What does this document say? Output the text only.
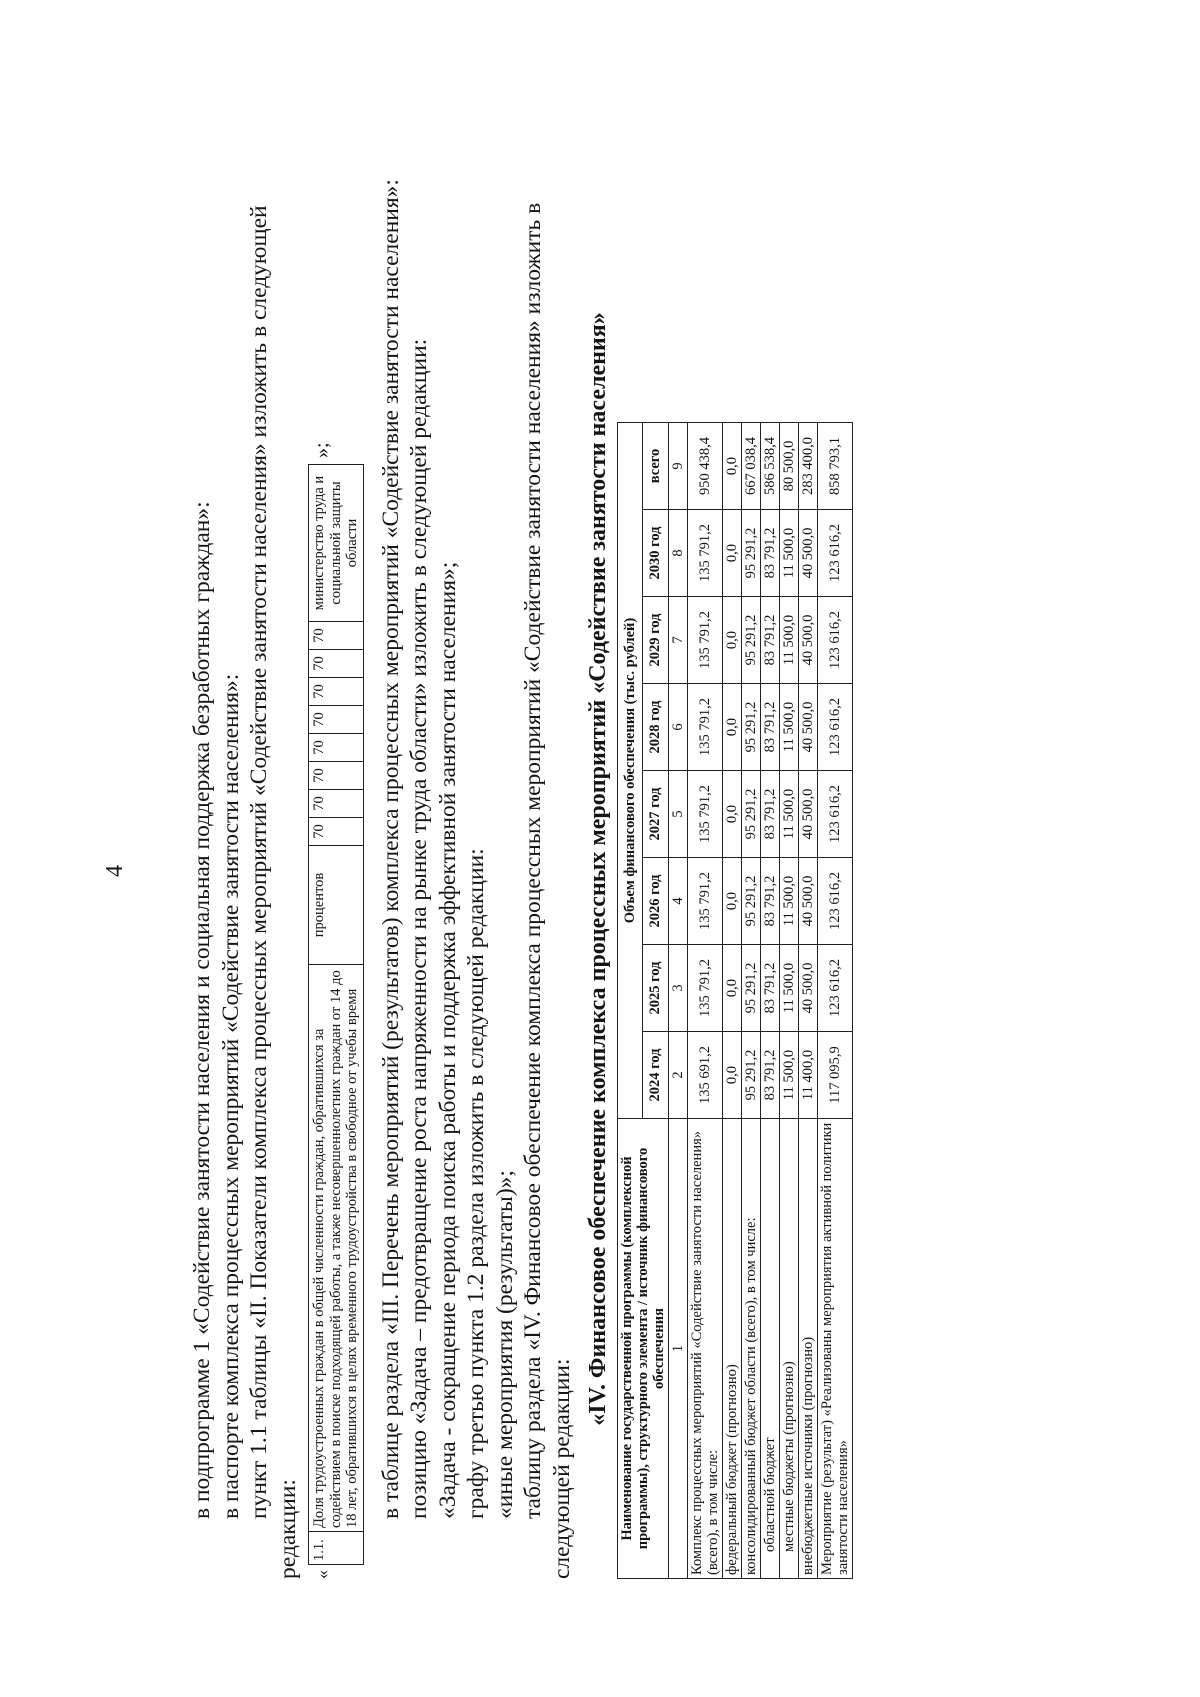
4	в подпрограмме 1 «Содействие занятости населения и социальная поддержка безработных граждан»: в паспорте комплекса процессных мероприятий «Содействие занятости населения»: пункт 1.1 таблицы «II. Показатели комплекса процессных мероприятий «Содействие занятости населения» изложить в следующей редакции: «
1.1.	Доля трудоустроенных граждан в общей численности граждан, обратившихся за содействием в поиске подходящей работы, а также несовершеннолетних граждан от 14 до 18 лет, обратившихся в целях временного трудоустройства в свободное от учебы время	процентов	70	70	70	70	70	70	70	70	министерство труда и социальной защиты области
»; в таблице раздела «III. Перечень мероприятий (результатов) комплекса процессных мероприятий «Содействие занятости населения»: позицию «Задача – предотвращение роста напряженности на рынке труда области» изложить в следующей редакции: «Задача - сокращение периода поиска работы и поддержка эффективной занятости населения»; графу третью пункта 1.2 раздела изложить в следующей редакции: «иные мероприятия (результаты)»; таблицу раздела «IV. Финансовое обеспечение комплекса процессных мероприятий «Содействие занятости населения» изложить в следующей редакции:

«IV. Финансовое обеспечение комплекса процессных мероприятий «Содействие занятости населения» Наименование государственной программы (комплексной программы), структурного элемента / источник финансового обеспечения	Объем финансового обеспечения (тыс. рублей)							
	2024 год	2025 год	2026 год	2027 год	2028 год	2029 год	2030 год	всего
1	2	3	4	5	6	7	8	9
Комплекс процессных мероприятий «Содействие занятости населения» (всего), в том числе:	135 691,2	135 791,2	135 791,2	135 791,2	135 791,2	135 791,2	135 791,2	950 438,4
федеральный бюджет (прогнозно)	0,0	0,0	0,0	0,0	0,0	0,0	0,0	0,0
консолидированный бюджет области (всего), в том числе:	95 291,2	95 291,2	95 291,2	95 291,2	95 291,2	95 291,2	95 291,2	667 038,4
областной бюджет	83 791,2	83 791,2	83 791,2	83 791,2	83 791,2	83 791,2	83 791,2	586 538,4
местные бюджеты (прогнозно)	11 500,0	11 500,0	11 500,0	11 500,0	11 500,0	11 500,0	11 500,0	80 500,0
внебюджетные источники (прогнозно)	11 400,0	40 500,0	40 500,0	40 500,0	40 500,0	40 500,0	40 500,0	283 400,0
Мероприятие (результат) «Реализованы мероприятия активной политики занятости населения»	117 095,9	123 616,2	123 616,2	123 616,2	123 616,2	123 616,2	123 616,2	858 793,1
